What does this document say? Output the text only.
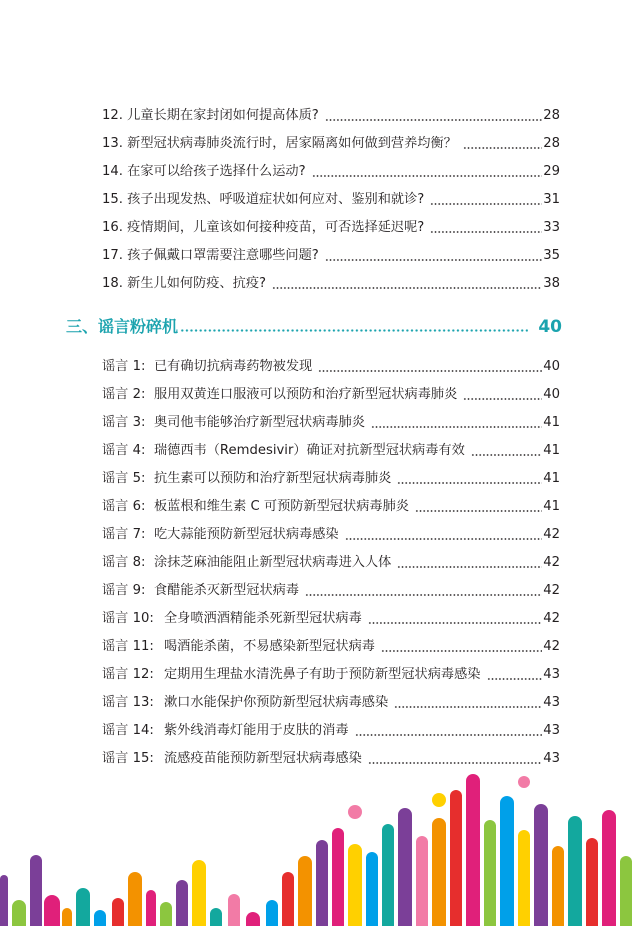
12. 儿童长期在家封闭如何提高体质?	28
13. 新型冠状病毒肺炎流行时，居家隔离如何做到营养均衡？	28
14. 在家可以给孩子选择什么运动?	29
15. 孩子出现发热、呼吸道症状如何应对、鉴别和就诊?	31
16. 疫情期间，儿童该如何接种疫苗，可否选择延迟呢?	33
17. 孩子佩戴口罩需要注意哪些问题?	35
18. 新生儿如何防疫、抗疫?	38
三、谣言粉碎机	40
谣言 1: 已有确切抗病毒药物被发现	40
谣言 2: 服用双黄连口服液可以预防和治疗新型冠状病毒肺炎	40
谣言 3: 奥司他韦能够治疗新型冠状病毒肺炎	41
谣言 4: 瑞德西韦（Remdesivir）确证对抗新型冠状病毒有效	41
谣言 5: 抗生素可以预防和治疗新型冠状病毒肺炎	41
谣言 6: 板蓝根和维生素 C 可预防新型冠状病毒肺炎	41
谣言 7: 吃大蒜能预防新型冠状病毒感染	42
谣言 8: 涂抹芝麻油能阻止新型冠状病毒进入人体	42
谣言 9: 食醋能杀灭新型冠状病毒	42
谣言 10: 全身喷洒酒精能杀死新型冠状病毒	42
谣言 11: 喝酒能杀菌，不易感染新型冠状病毒	42
谣言 12: 定期用生理盐水清洗鼻子有助于预防新型冠状病毒感染	43
谣言 13: 漱口水能保护你预防新型冠状病毒感染	43
谣言 14: 紫外线消毒灯能用于皮肤的消毒	43
谣言 15: 流感疫苗能预防新型冠状病毒感染	43
